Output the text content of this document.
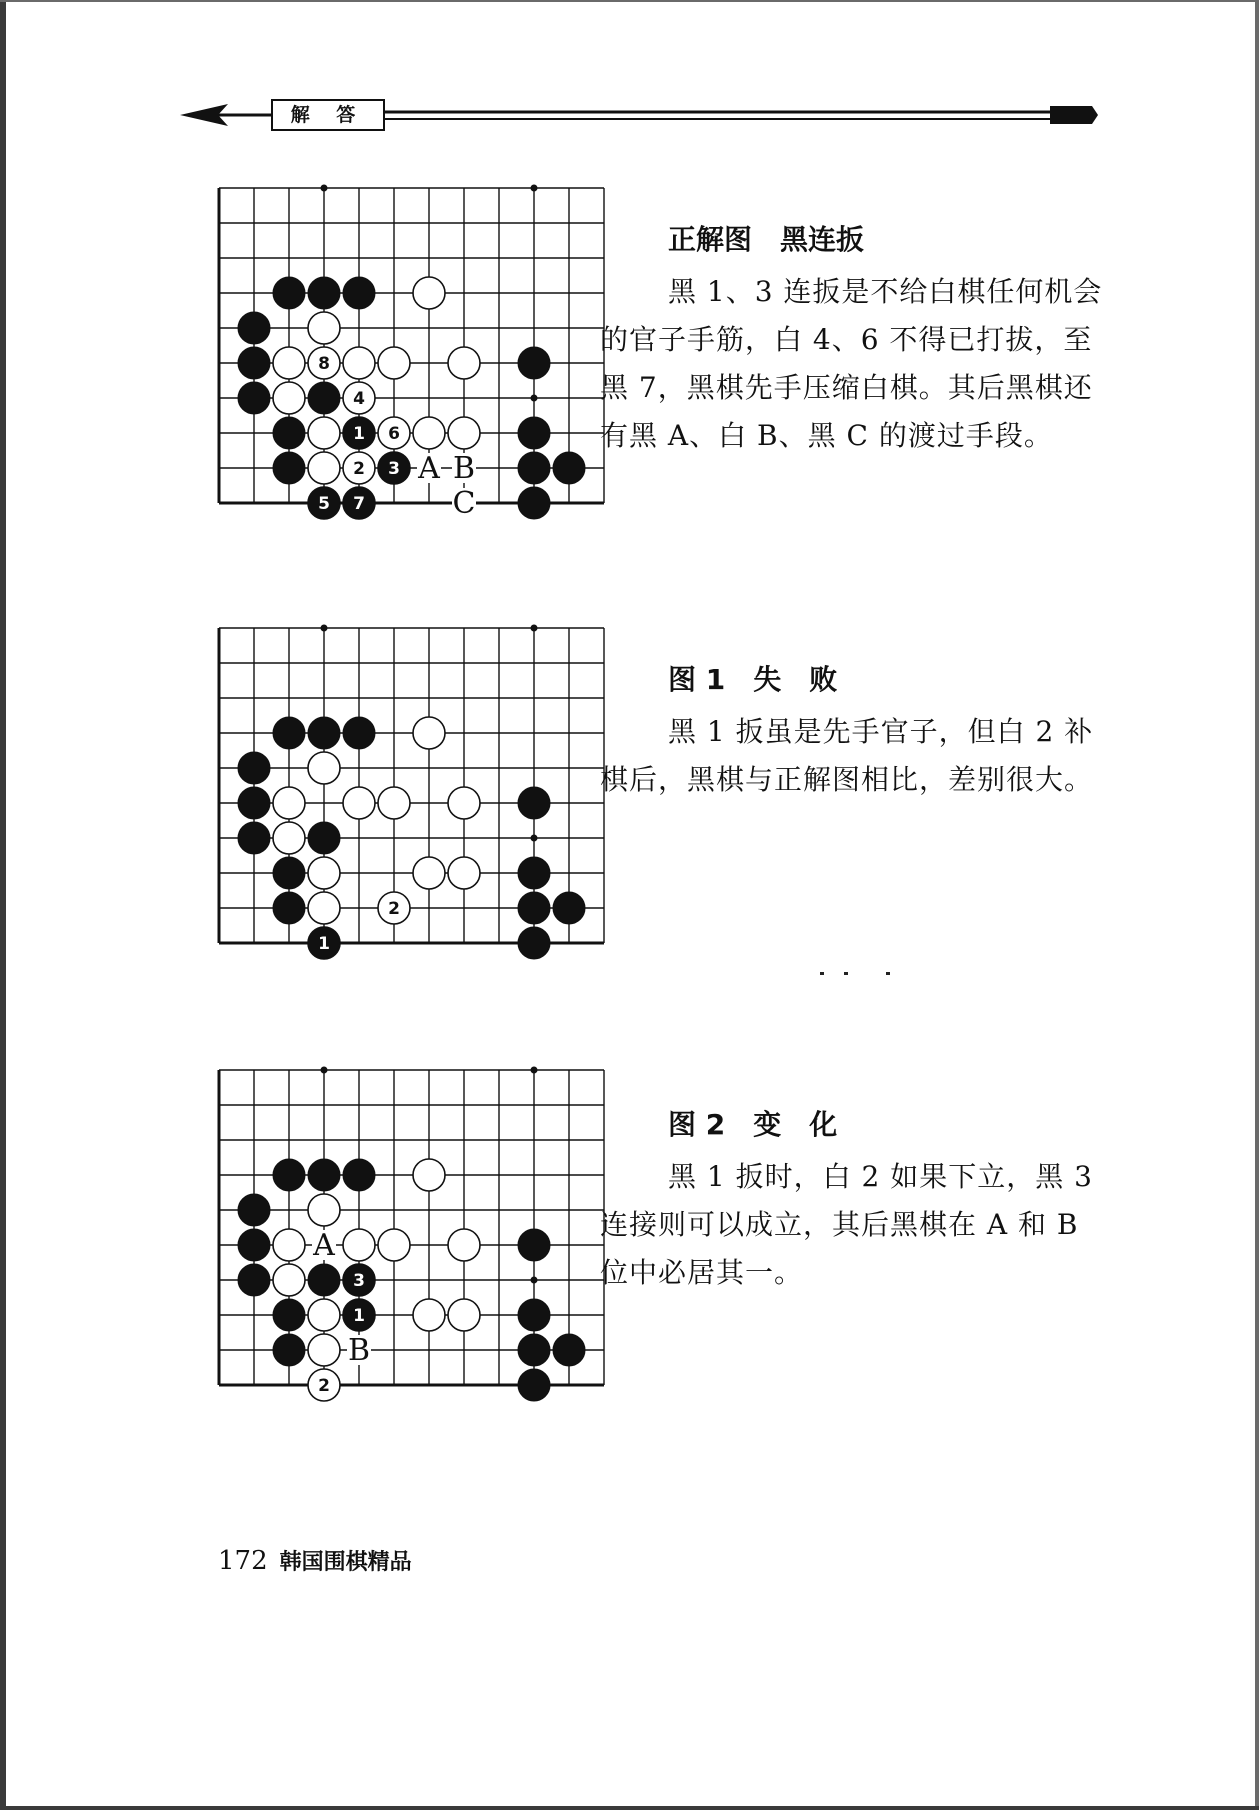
解 答
8
4
1 6
2 3
5 7
A B
C
正解图　黑连扳

黑 1、3 连扳是不给白棋任何机会的官子手筋，白 4、6 不得已打拔，至黑 7，黑棋先手压缩白棋。其后黑棋还有黑 A、白 B、黑 C 的渡过手段。

1
2
图 1　失　败

黑 1 扳虽是先手官子，但白 2 补棋后，黑棋与正解图相比，差别很大。

1
2
3
A
B
图 2　变　化

黑 1 扳时，白 2 如果下立，黑 3 连接则可以成立，其后黑棋在 A 和 B 位中必居其一。

172 韩国围棋精品
